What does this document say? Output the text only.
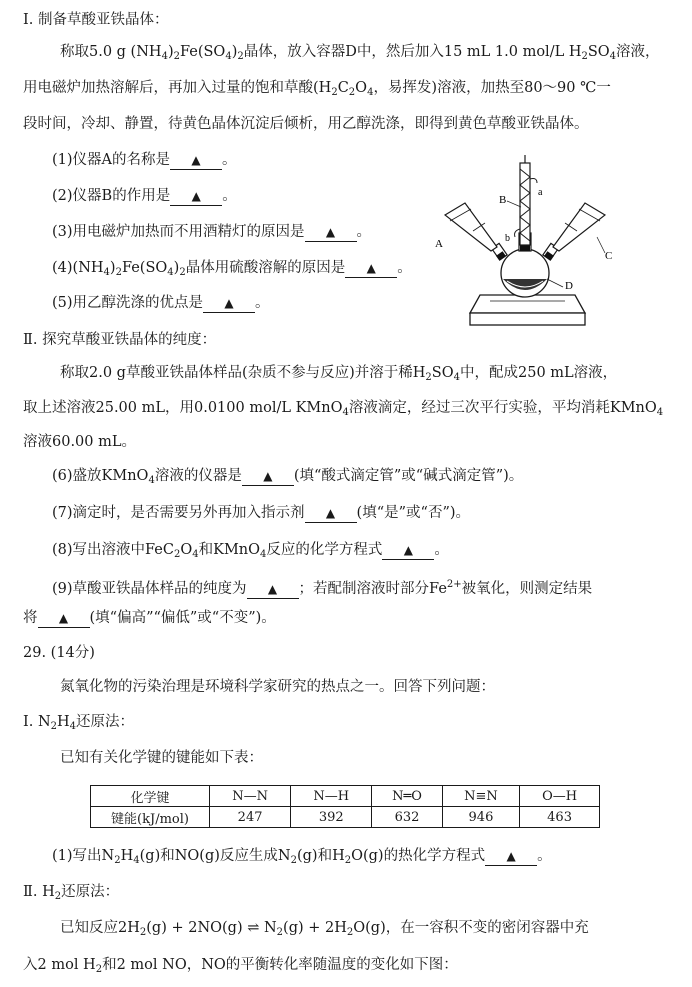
Ⅰ. 制备草酸亚铁晶体：
称取5.0 g $(NH_4)_2Fe(SO_4)_2$晶体，放入容器D中，然后加入15 mL 1.0 mol/L $H_2SO_4$溶液，
用电磁炉加热溶解后，再加入过量的饱和草酸($H_2C_2O_4$，易挥发)溶液，加热至80～90 ℃一
段时间，冷却、静置，待黄色晶体沉淀后倾析，用乙醇洗涤，即得到黄色草酸亚铁晶体。
(1)仪器A的名称是 ▲ 。
(2)仪器B的作用是 ▲ 。
(3)用电磁炉加热而不用酒精灯的原因是 ▲ 。
$(4)(NH_4)_2Fe(SO_4)_2$晶体用硫酸溶解的原因是 ▲ 。
(5)用乙醇洗涤的优点是 ▲ 。
A
B
C
D
a
b
Ⅱ. 探究草酸亚铁晶体的纯度：
称取2.0 g草酸亚铁晶体样品(杂质不参与反应)并溶于稀$H_2SO_4$中，配成250 mL溶液，
取上述溶液25.00 mL，用0.0100 mol/L KMnO$_4$溶液滴定，经过三次平行实验，平均消耗KMnO$_4$
溶液60.00 mL。
(6)盛放KMnO$_4$溶液的仪器是 ▲ (填“酸式滴定管”或“碱式滴定管”)。
(7)滴定时，是否需要另外再加入指示剂 ▲ (填“是”或“否”)。
(8)写出溶液中$FeC_2O_4$和KMnO$_4$反应的化学方程式 ▲ 。
(9)草酸亚铁晶体样品的纯度为 ▲ ；若配制溶液时部分$Fe^{2+}$被氧化，则测定结果
将 ▲ (填“偏高”“偏低”或“不变”)。
29. (14分)
氮氧化物的污染治理是环境科学家研究的热点之一。回答下列问题：
Ⅰ. $N_2H_4$还原法：
已知有关化学键的键能如下表：
化学键	N—N	N—H	N═O	N≡N	O—H
键能(kJ/mol)	247	392	632	946	463
(1)写出$N_2H_4(g)$和NO(g)反应生成$N_2(g)$和$H_2O(g)$的热化学方程式 ▲ 。
Ⅱ. $H_2$还原法：
已知反应$2H_2(g) + 2NO(g)$ ⇌ $N_2(g) + 2H_2O(g)$，在一容积不变的密闭容器中充
入2 mol $H_2$和2 mol NO，NO的平衡转化率随温度的变化如下图：
